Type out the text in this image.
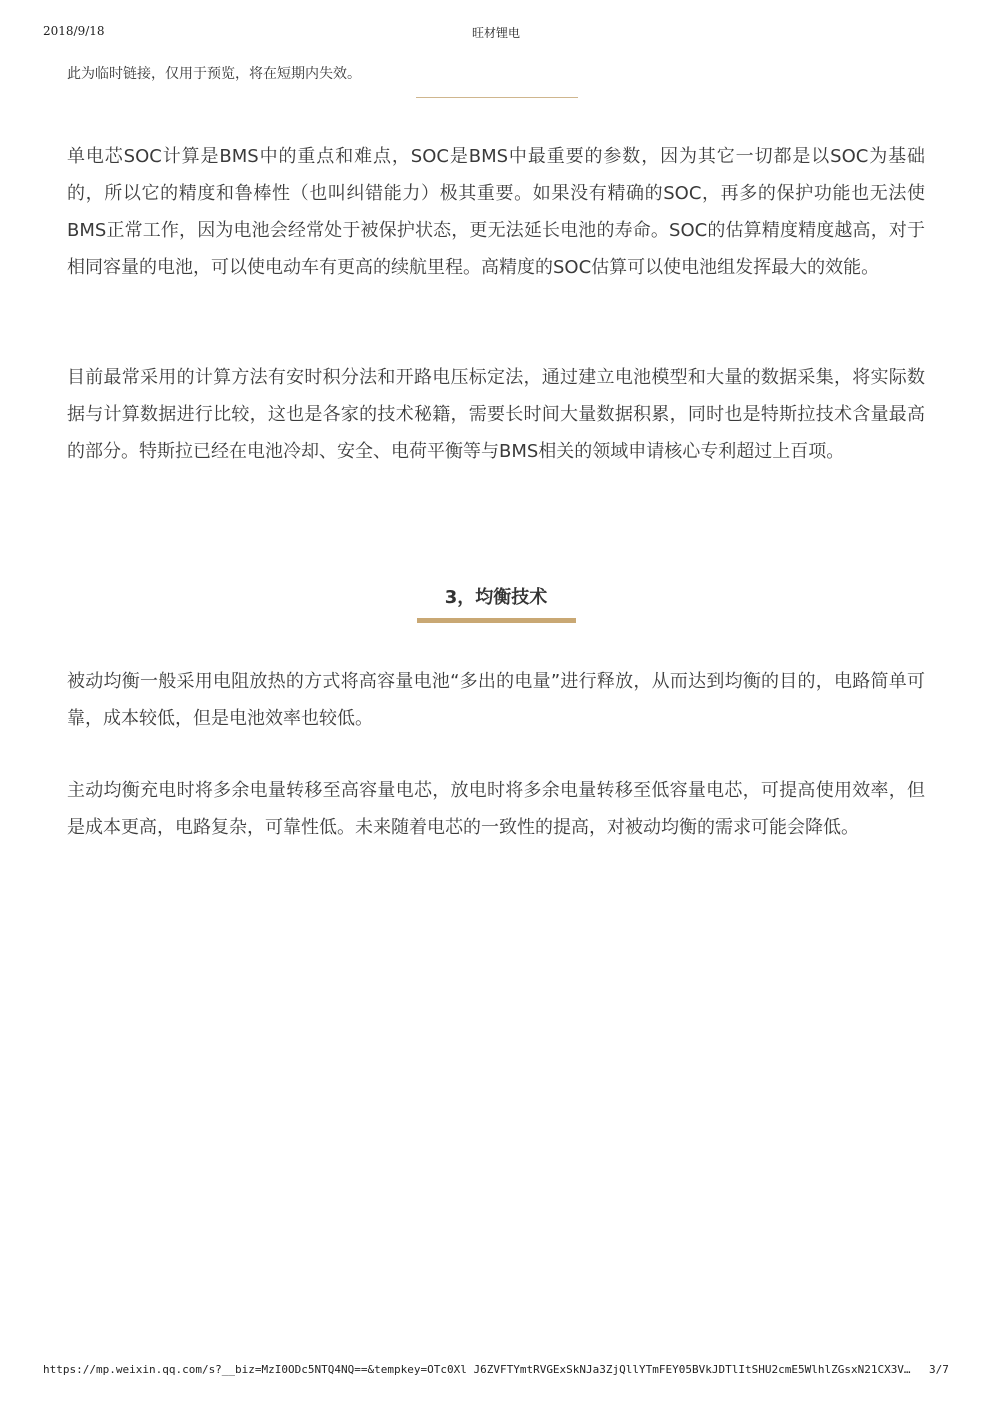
2018/9/18	旺材锂电
此为临时链接，仅用于预览，将在短期内失效。

单电芯SOC计算是BMS中的重点和难点，SOC是BMS中最重要的参数，因为其它一切都是以SOC为基础的，所以它的精度和鲁棒性（也叫纠错能力）极其重要。如果没有精确的SOC，再多的保护功能也无法使BMS正常工作，因为电池会经常处于被保护状态，更无法延长电池的寿命。SOC的估算精度精度越高，对于相同容量的电池，可以使电动车有更高的续航里程。高精度的SOC估算可以使电池组发挥最大的效能。

目前最常采用的计算方法有安时积分法和开路电压标定法，通过建立电池模型和大量的数据采集，将实际数据与计算数据进行比较，这也是各家的技术秘籍，需要长时间大量数据积累，同时也是特斯拉技术含量最高的部分。特斯拉已经在电池冷却、安全、电荷平衡等与BMS相关的领域申请核心专利超过上百项。

3，均衡技术

被动均衡一般采用电阻放热的方式将高容量电池“多出的电量”进行释放，从而达到均衡的目的，电路简单可靠，成本较低，但是电池效率也较低。

主动均衡充电时将多余电量转移至高容量电芯，放电时将多余电量转移至低容量电芯，可提高使用效率，但是成本更高，电路复杂，可靠性低。未来随着电芯的一致性的提高，对被动均衡的需求可能会降低。

https://mp.weixin.qq.com/s?__biz=MzI0ODc5NTQ4NQ==&tempkey=OTc0Xl J6ZVFTYmtRVGExSkNJa3ZjQllYTmFEY05BVkJDTlItSHU2cmE5WlhlZGsxN21CX3V…	3/7
